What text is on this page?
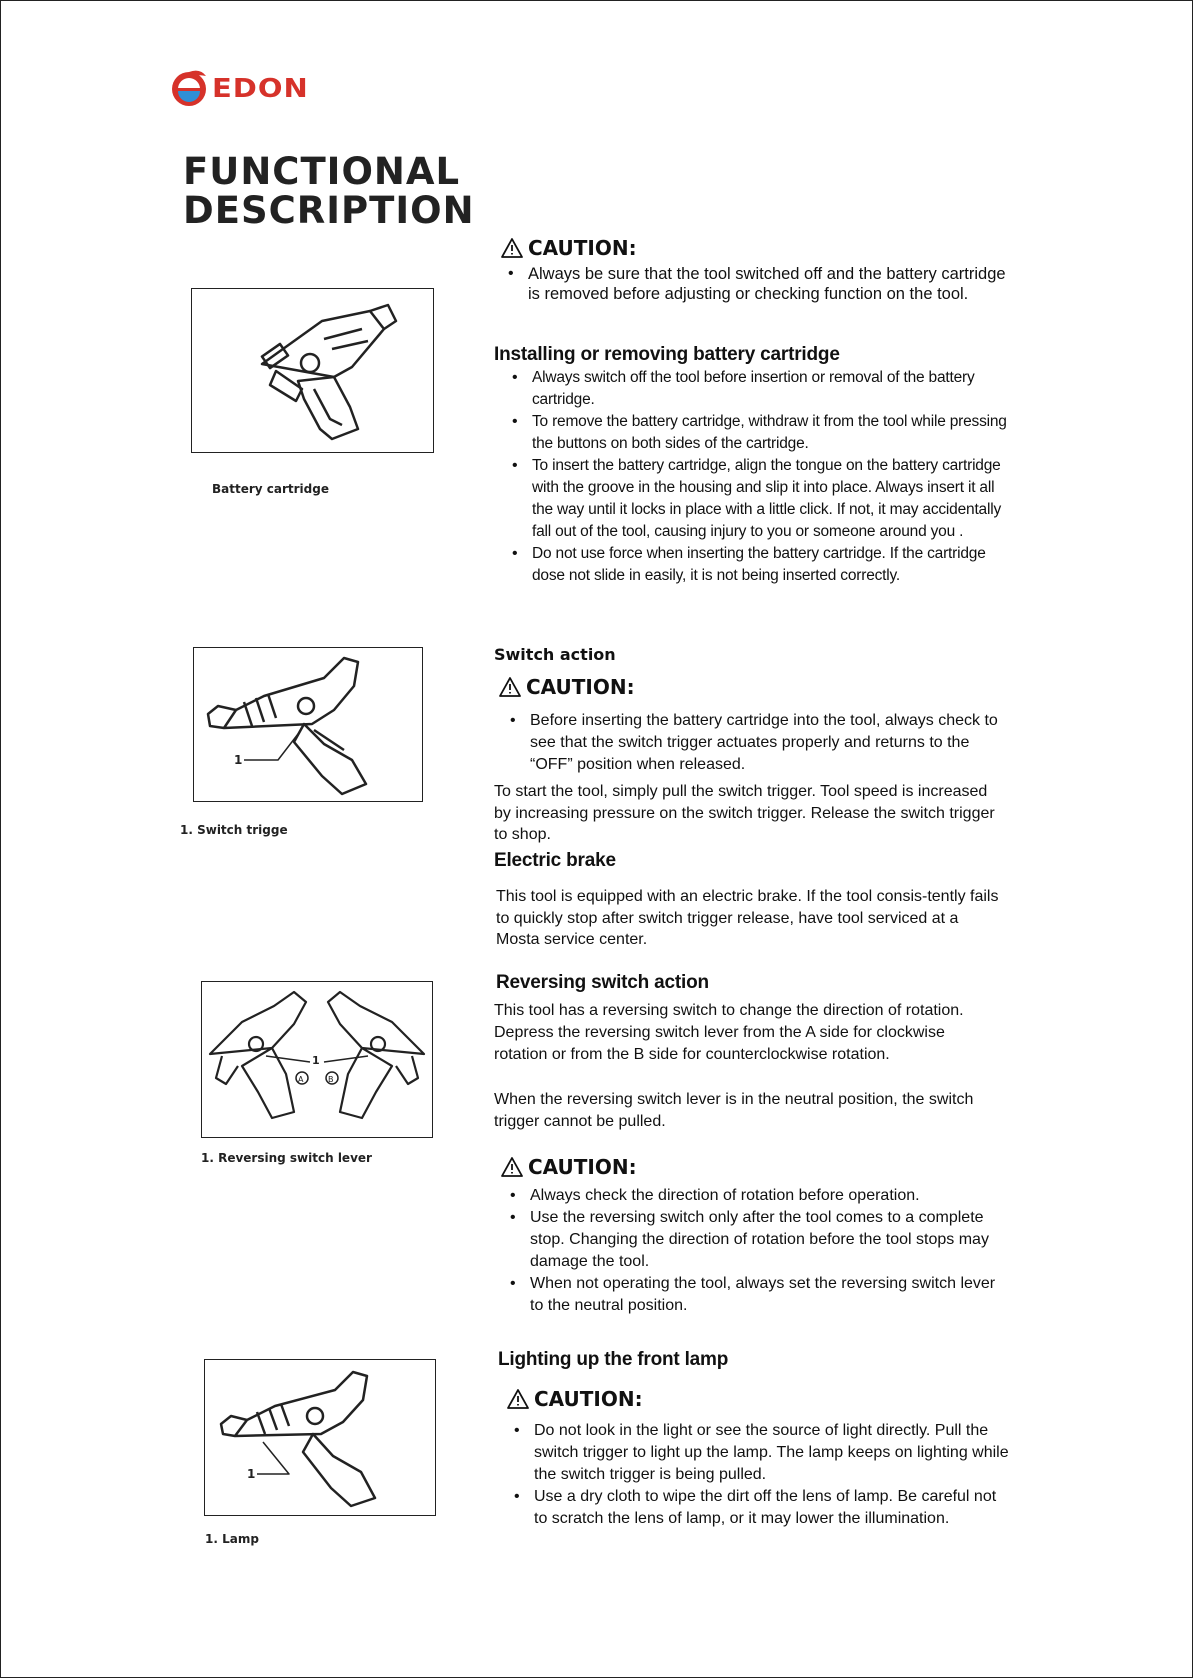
EDON
FUNCTIONAL
DESCRIPTION
Battery cartridge
1
1. Switch trigge
1
A	B
1. Reversing switch lever
1
1. Lamp
CAUTION:
• Always be sure that the tool switched off and the battery cartridge is removed before adjusting or checking function on the tool.
Installing or removing battery cartridge
• Always switch off the tool before insertion or removal of the battery cartridge.
• To remove the battery cartridge, withdraw it from the tool while pressing the buttons on both sides of the cartridge.
• To insert the battery cartridge, align the tongue on the battery cartridge with the groove in the housing and slip it into place. Always insert it all the way until it locks in place with a little click. If not, it may accidentally fall out of the tool, causing injury to you or someone around you .
• Do not use force when inserting the battery cartridge. If the cartridge dose not slide in easily, it is not being inserted correctly.
Switch action
CAUTION:
• Before inserting the battery cartridge into the tool, always check to see that the switch trigger actuates properly and returns to the “OFF” position when released.
To start the tool, simply pull the switch trigger. Tool speed is increased by increasing pressure on the switch trigger. Release the switch trigger to shop.
Electric brake
This tool is equipped with an electric brake. If the tool consis-tently fails to quickly stop after switch trigger release, have tool serviced at a Mosta service center.
Reversing switch action
This tool has a reversing switch to change the direction of rotation. Depress the reversing switch lever from the A side for clockwise rotation or from the B side for counterclockwise rotation.
When the reversing switch lever is in the neutral position, the switch trigger cannot be pulled.
CAUTION:
• Always check the direction of rotation before operation.
• Use the reversing switch only after the tool comes to a complete stop. Changing the direction of rotation before the tool stops may damage the tool.
• When not operating the tool, always set the reversing switch lever to the neutral position.
Lighting up the front lamp
CAUTION:
• Do not look in the light or see the source of light directly. Pull the switch trigger to light up the lamp. The lamp keeps on lighting while the switch trigger is being pulled.
• Use a dry cloth to wipe the dirt off the lens of lamp. Be careful not to scratch the lens of lamp, or it may lower the illumination.
